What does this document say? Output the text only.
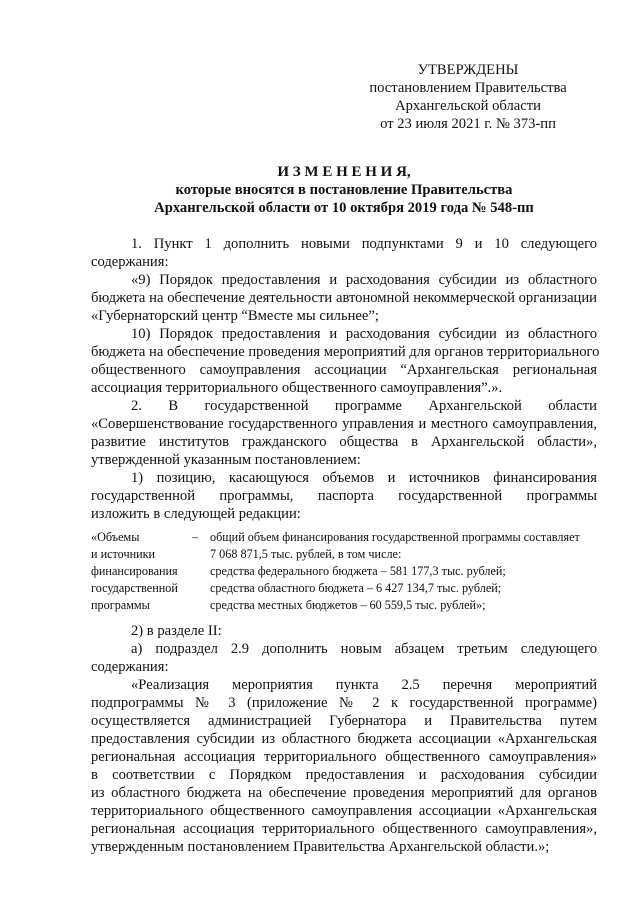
УТВЕРЖДЕНЫ
постановлением Правительства
Архангельской области
от 23 июля 2021 г. № 373-пп
И З М Е Н Е Н И Я,
которые вносятся в постановление Правительства
Архангельской области от 10 октября 2019 года № 548-пп
1. Пункт 1 дополнить новыми подпунктами 9 и 10 следующего
содержания:
«9) Порядок предоставления и расходования субсидии из областного
бюджета на обеспечение деятельности автономной некоммерческой организации
«Губернаторский центр “Вместе мы сильнее”;
10) Порядок предоставления и расходования субсидии из областного
бюджета на обеспечение проведения мероприятий для органов территориального
общественного самоуправления ассоциации “Архангельская региональная
ассоциация территориального общественного самоуправления”.».
2. В государственной программе Архангельской области
«Совершенствование государственного управления и местного самоуправления,
развитие институтов гражданского общества в Архангельской области»,
утвержденной указанным постановлением:
1) позицию, касающуюся объемов и источников финансирования
государственной программы, паспорта государственной программы
изложить в следующей редакции:
«Объемы
и источники
финансирования
государственной
программы
– общий объем финансирования государственной программы составляет
7 068 871,5 тыс. рублей, в том числе:
средства федерального бюджета – 581 177,3 тыс. рублей;
средства областного бюджета – 6 427 134,7 тыс. рублей;
средства местных бюджетов – 60 559,5 тыс. рублей»;
2) в разделе II:
а) подраздел 2.9 дополнить новым абзацем третьим следующего
содержания:
«Реализация мероприятия пункта 2.5 перечня мероприятий
подпрограммы № 3 (приложение № 2 к государственной программе)
осуществляется администрацией Губернатора и Правительства путем
предоставления субсидии из областного бюджета ассоциации «Архангельская
региональная ассоциация территориального общественного самоуправления»
в соответствии с Порядком предоставления и расходования субсидии
из областного бюджета на обеспечение проведения мероприятий для органов
территориального общественного самоуправления ассоциации «Архангельская
региональная ассоциация территориального общественного самоуправления»,
утвержденным постановлением Правительства Архангельской области.»;
